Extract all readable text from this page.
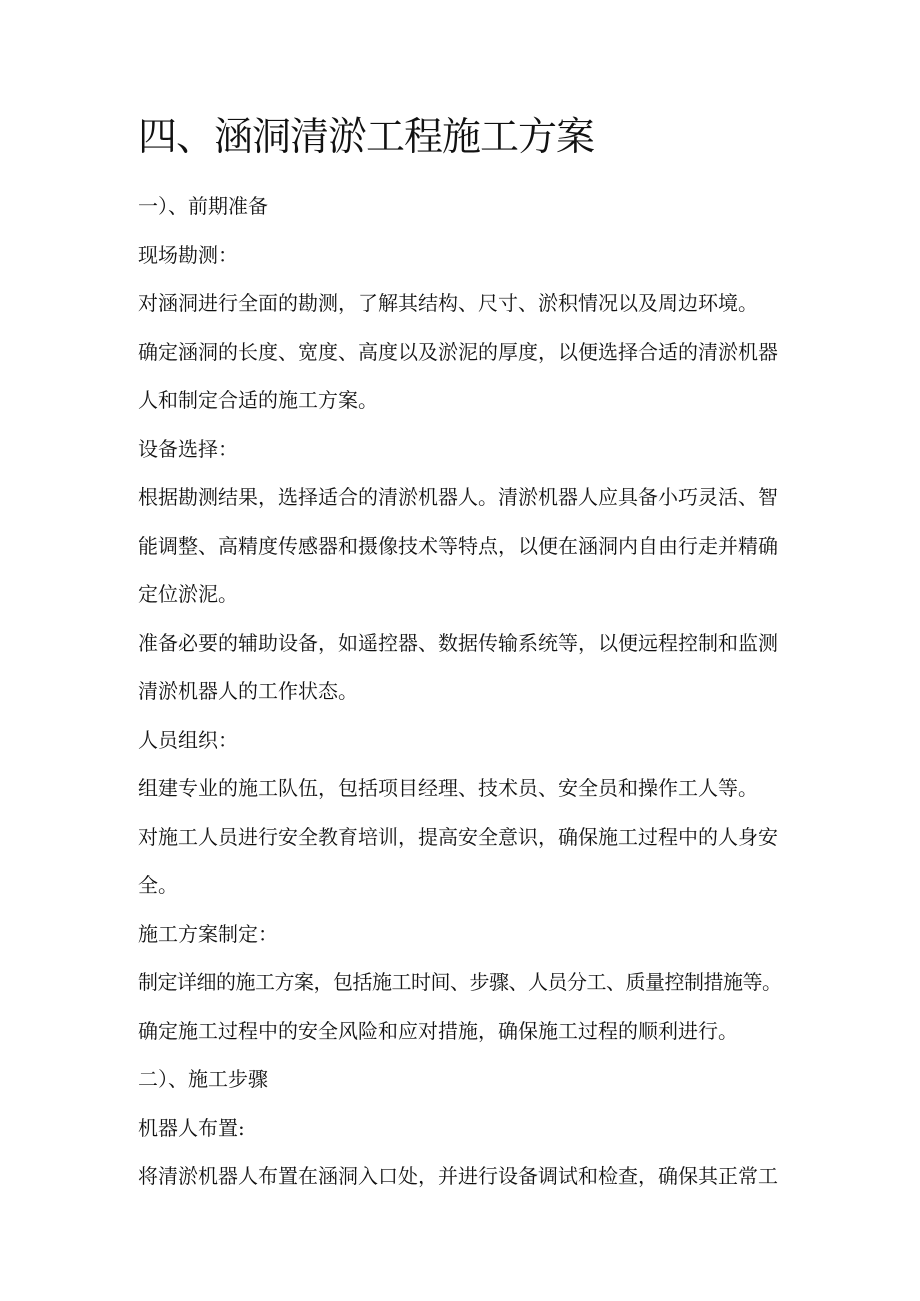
四、涵洞清淤工程施工方案
一）、前期准备
现场勘测：
对涵洞进行全面的勘测，了解其结构、尺寸、淤积情况以及周边环境。
确定涵洞的长度、宽度、高度以及淤泥的厚度，以便选择合适的清淤机器
人和制定合适的施工方案。
设备选择：
根据勘测结果，选择适合的清淤机器人。清淤机器人应具备小巧灵活、智
能调整、高精度传感器和摄像技术等特点，以便在涵洞内自由行走并精确
定位淤泥。
准备必要的辅助设备，如遥控器、数据传输系统等，以便远程控制和监测
清淤机器人的工作状态。
人员组织：
组建专业的施工队伍，包括项目经理、技术员、安全员和操作工人等。
对施工人员进行安全教育培训，提高安全意识，确保施工过程中的人身安
全。
施工方案制定：
制定详细的施工方案，包括施工时间、步骤、人员分工、质量控制措施等。
确定施工过程中的安全风险和应对措施，确保施工过程的顺利进行。
二）、施工步骤
机器人布置:
将清淤机器人布置在涵洞入口处，并进行设备调试和检查，确保其正常工
